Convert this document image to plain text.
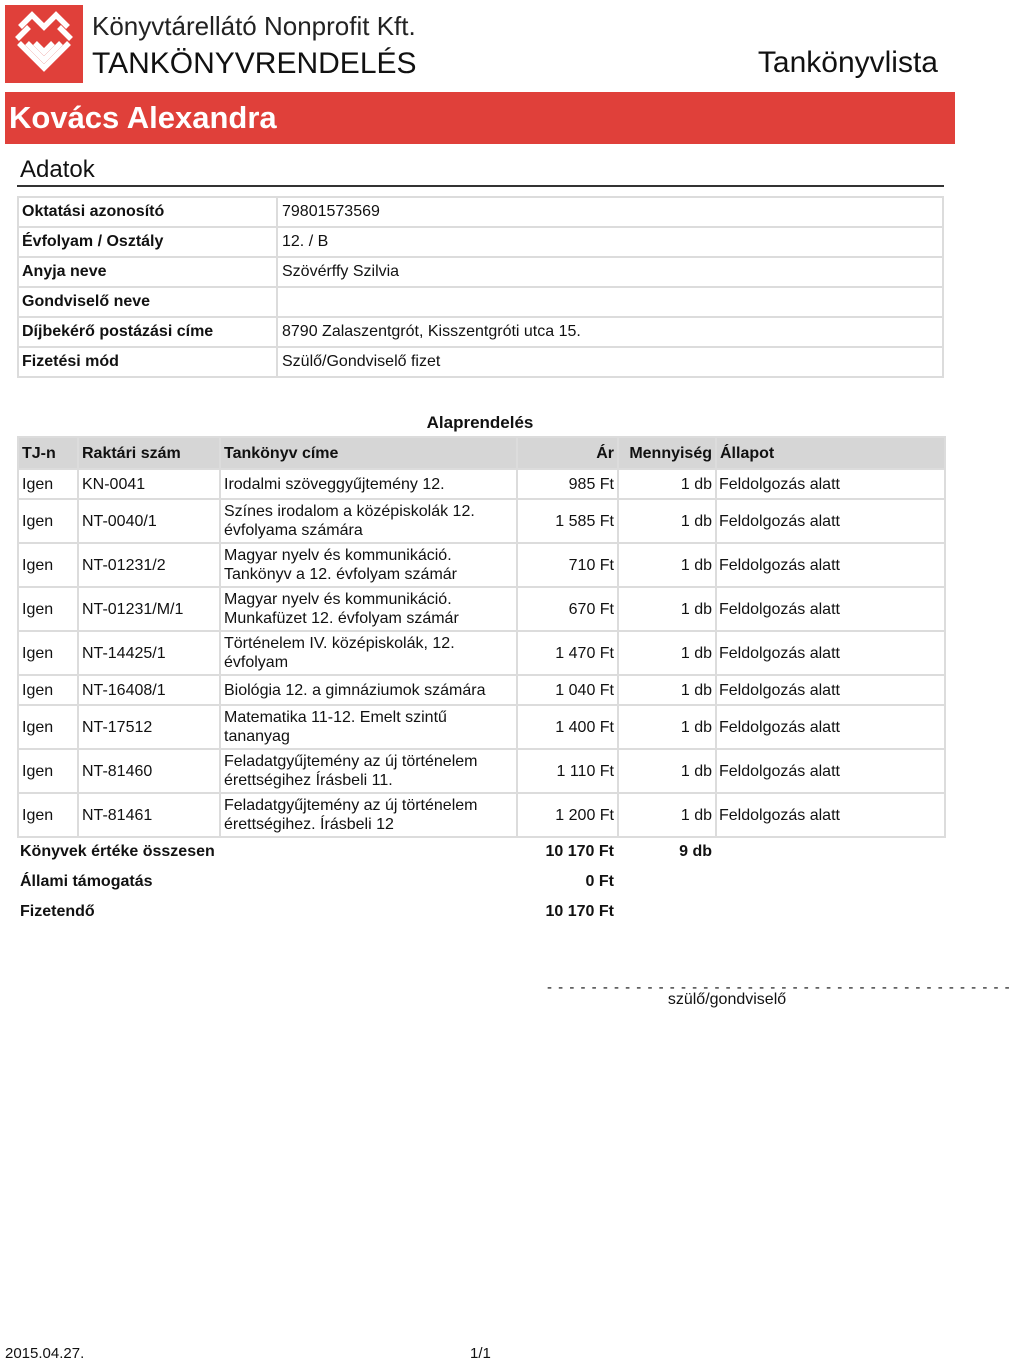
Könyvtárellátó Nonprofit Kft.
TANKÖNYVRENDELÉS	Tankönyvlista
Kovács Alexandra
Adatok
Oktatási azonosító	79801573569
Évfolyam / Osztály	12. / B
Anyja neve	Szövérffy Szilvia
Gondviselő neve	
Díjbekérő postázási címe	8790 Zalaszentgrót, Kisszentgróti utca 15.
Fizetési mód	Szülő/Gondviselő fizet
Alaprendelés
TJ-n	Raktári szám	Tankönyv címe	Ár	Mennyiség	Állapot
Igen	KN-0041	Irodalmi szöveggyűjtemény 12.	985 Ft	1 db	Feldolgozás alatt
Igen	NT-0040/1	Színes irodalom a középiskolák 12. évfolyama számára	1 585 Ft	1 db	Feldolgozás alatt
Igen	NT-01231/2	Magyar nyelv és kommunikáció. Tankönyv a 12. évfolyam számár	710 Ft	1 db	Feldolgozás alatt
Igen	NT-01231/M/1	Magyar nyelv és kommunikáció. Munkafüzet 12. évfolyam számár	670 Ft	1 db	Feldolgozás alatt
Igen	NT-14425/1	Történelem IV. középiskolák, 12. évfolyam	1 470 Ft	1 db	Feldolgozás alatt
Igen	NT-16408/1	Biológia 12. a gimnáziumok számára	1 040 Ft	1 db	Feldolgozás alatt
Igen	NT-17512	Matematika 11-12. Emelt szintű tananyag	1 400 Ft	1 db	Feldolgozás alatt
Igen	NT-81460	Feladatgyűjtemény az új történelem érettségihez Írásbeli 11.	1 110 Ft	1 db	Feldolgozás alatt
Igen	NT-81461	Feladatgyűjtemény az új történelem érettségihez. Írásbeli 12	1 200 Ft	1 db	Feldolgozás alatt
Könyvek értéke összesen	10 170 Ft	9 db	
Állami támogatás	0 Ft		
Fizetendő	10 170 Ft		
- - - - - - - - - - - - - - - - - - - - - - - - - - - - - - - - - - - - - - - - - -
szülő/gondviselő
2015.04.27.	1/1
